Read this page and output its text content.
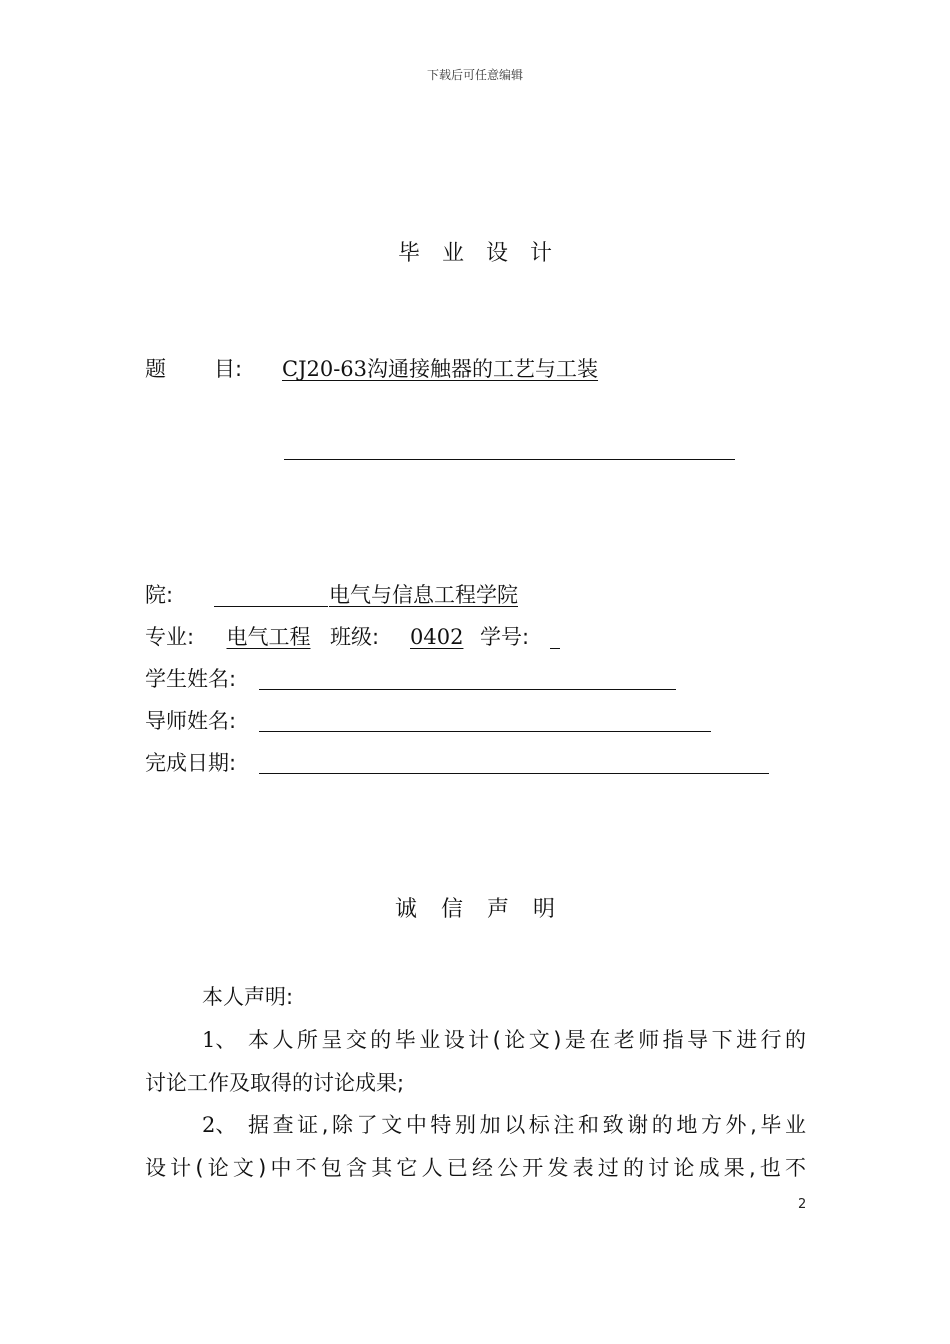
下载后可任意编辑
毕业设计
题 目:	CJ20-63沟通接触器的工艺与工装
院:	电气与信息工程学院
专业:	电气工程 班级:	0402 学号:
学生姓名:
导师姓名:
完成日期:
诚信声明
本人声明:
1、 本人所呈交的毕业设计(论文)是在老师指导下进行的
讨论工作及取得的讨论成果;
2、 据查证,除了文中特别加以标注和致谢的地方外,毕业
设计(论文)中不包含其它人已经公开发表过的讨论成果,也不
2
